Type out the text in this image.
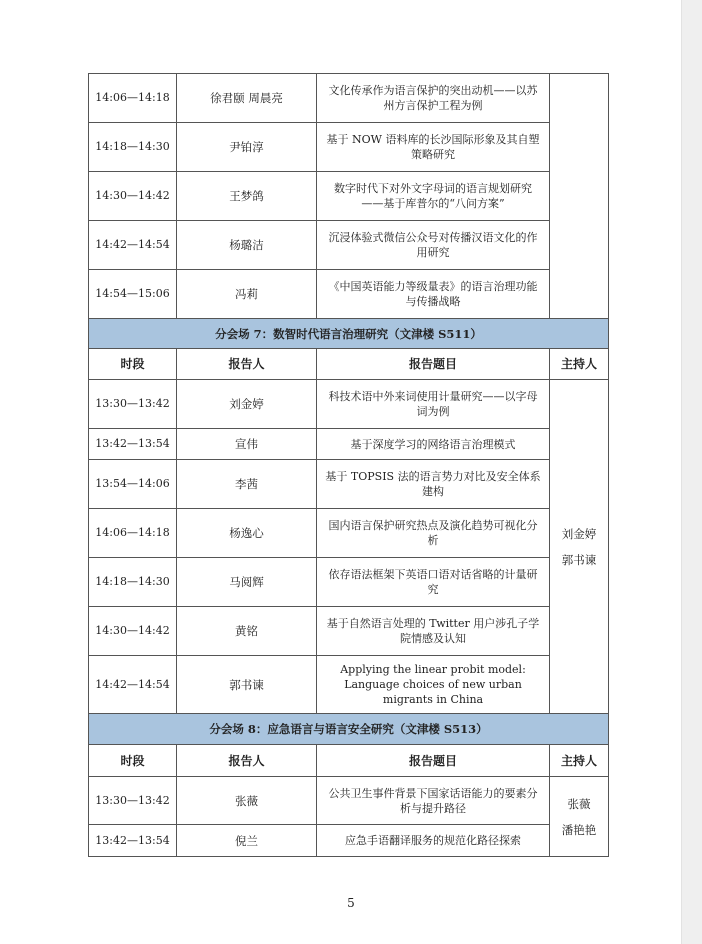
14:06—14:18	徐君颐 周晨亮	文化传承作为语言保护的突出动机——以苏州方言保护工程为例	
14:18—14:30	尹铂淳	基于 NOW 语料库的长沙国际形象及其自塑策略研究	
14:30—14:42	王梦鸽	数字时代下对外文字母词的语言规划研究——基于库普尔的“八问方案”	
14:42—14:54	杨璐洁	沉浸体验式微信公众号对传播汉语文化的作用研究	
14:54—15:06	冯莉	《中国英语能力等级量表》的语言治理功能与传播战略	
分会场 7：数智时代语言治理研究（文津楼 S511）			
时段	报告人	报告题目	主持人
13:30—13:42	刘金婷	科技术语中外来词使用计量研究——以字母词为例	刘金婷
郭书谏

13:42—13:54	宣伟	基于深度学习的网络语言治理模式	
13:54—14:06	李茜	基于 TOPSIS 法的语言势力对比及安全体系建构	
14:06—14:18	杨逸心	国内语言保护研究热点及演化趋势可视化分析	
14:18—14:30	马阅辉	依存语法框架下英语口语对话省略的计量研究	
14:30—14:42	黄铭	基于自然语言处理的 Twitter 用户涉孔子学院情感及认知	
14:42—14:54	郭书谏	Applying the linear probit model: Language choices of new urban migrants in China	
分会场 8：应急语言与语言安全研究（文津楼 S513）			
时段	报告人	报告题目	主持人
13:30—13:42	张薇	公共卫生事件背景下国家话语能力的要素分析与提升路径	张薇
潘艳艳

13:42—13:54	倪兰	应急手语翻译服务的规范化路径探索	
5
